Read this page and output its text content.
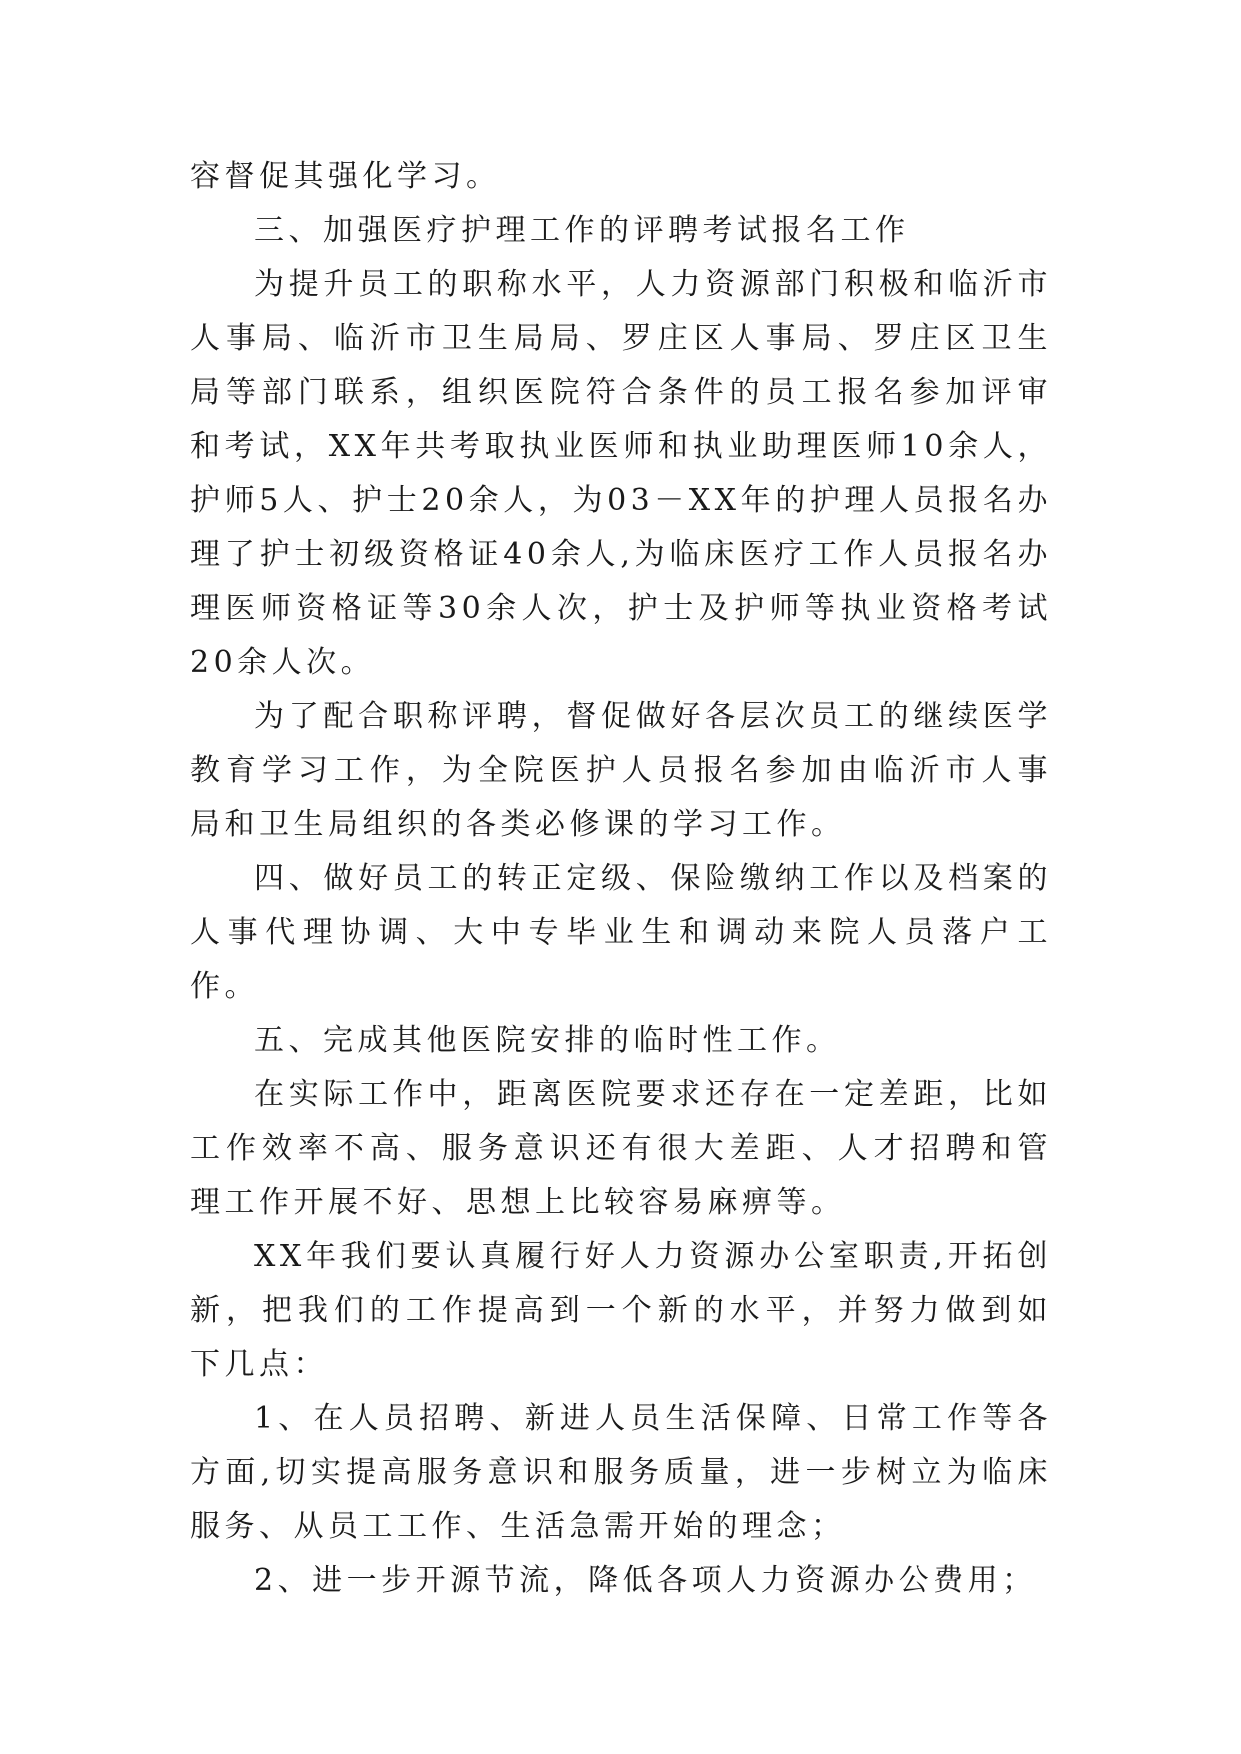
容督促其强化学习。

三、加强医疗护理工作的评聘考试报名工作

为提升员工的职称水平，人力资源部门积极和临沂市人事局、临沂市卫生局局、罗庄区人事局、罗庄区卫生局等部门联系，组织医院符合条件的员工报名参加评审和考试，XX年共考取执业医师和执业助理医师10余人，护师5人、护士20余人，为03－XX年的护理人员报名办理了护士初级资格证40余人,为临床医疗工作人员报名办理医师资格证等30余人次，护士及护师等执业资格考试20余人次。

为了配合职称评聘，督促做好各层次员工的继续医学教育学习工作，为全院医护人员报名参加由临沂市人事局和卫生局组织的各类必修课的学习工作。

四、做好员工的转正定级、保险缴纳工作以及档案的人事代理协调、大中专毕业生和调动来院人员落户工作。

五、完成其他医院安排的临时性工作。

在实际工作中，距离医院要求还存在一定差距，比如工作效率不高、服务意识还有很大差距、人才招聘和管理工作开展不好、思想上比较容易麻痹等。

XX年我们要认真履行好人力资源办公室职责,开拓创新，把我们的工作提高到一个新的水平，并努力做到如下几点：

1、在人员招聘、新进人员生活保障、日常工作等各方面,切实提高服务意识和服务质量，进一步树立为临床服务、从员工工作、生活急需开始的理念；

2、进一步开源节流，降低各项人力资源办公费用；
